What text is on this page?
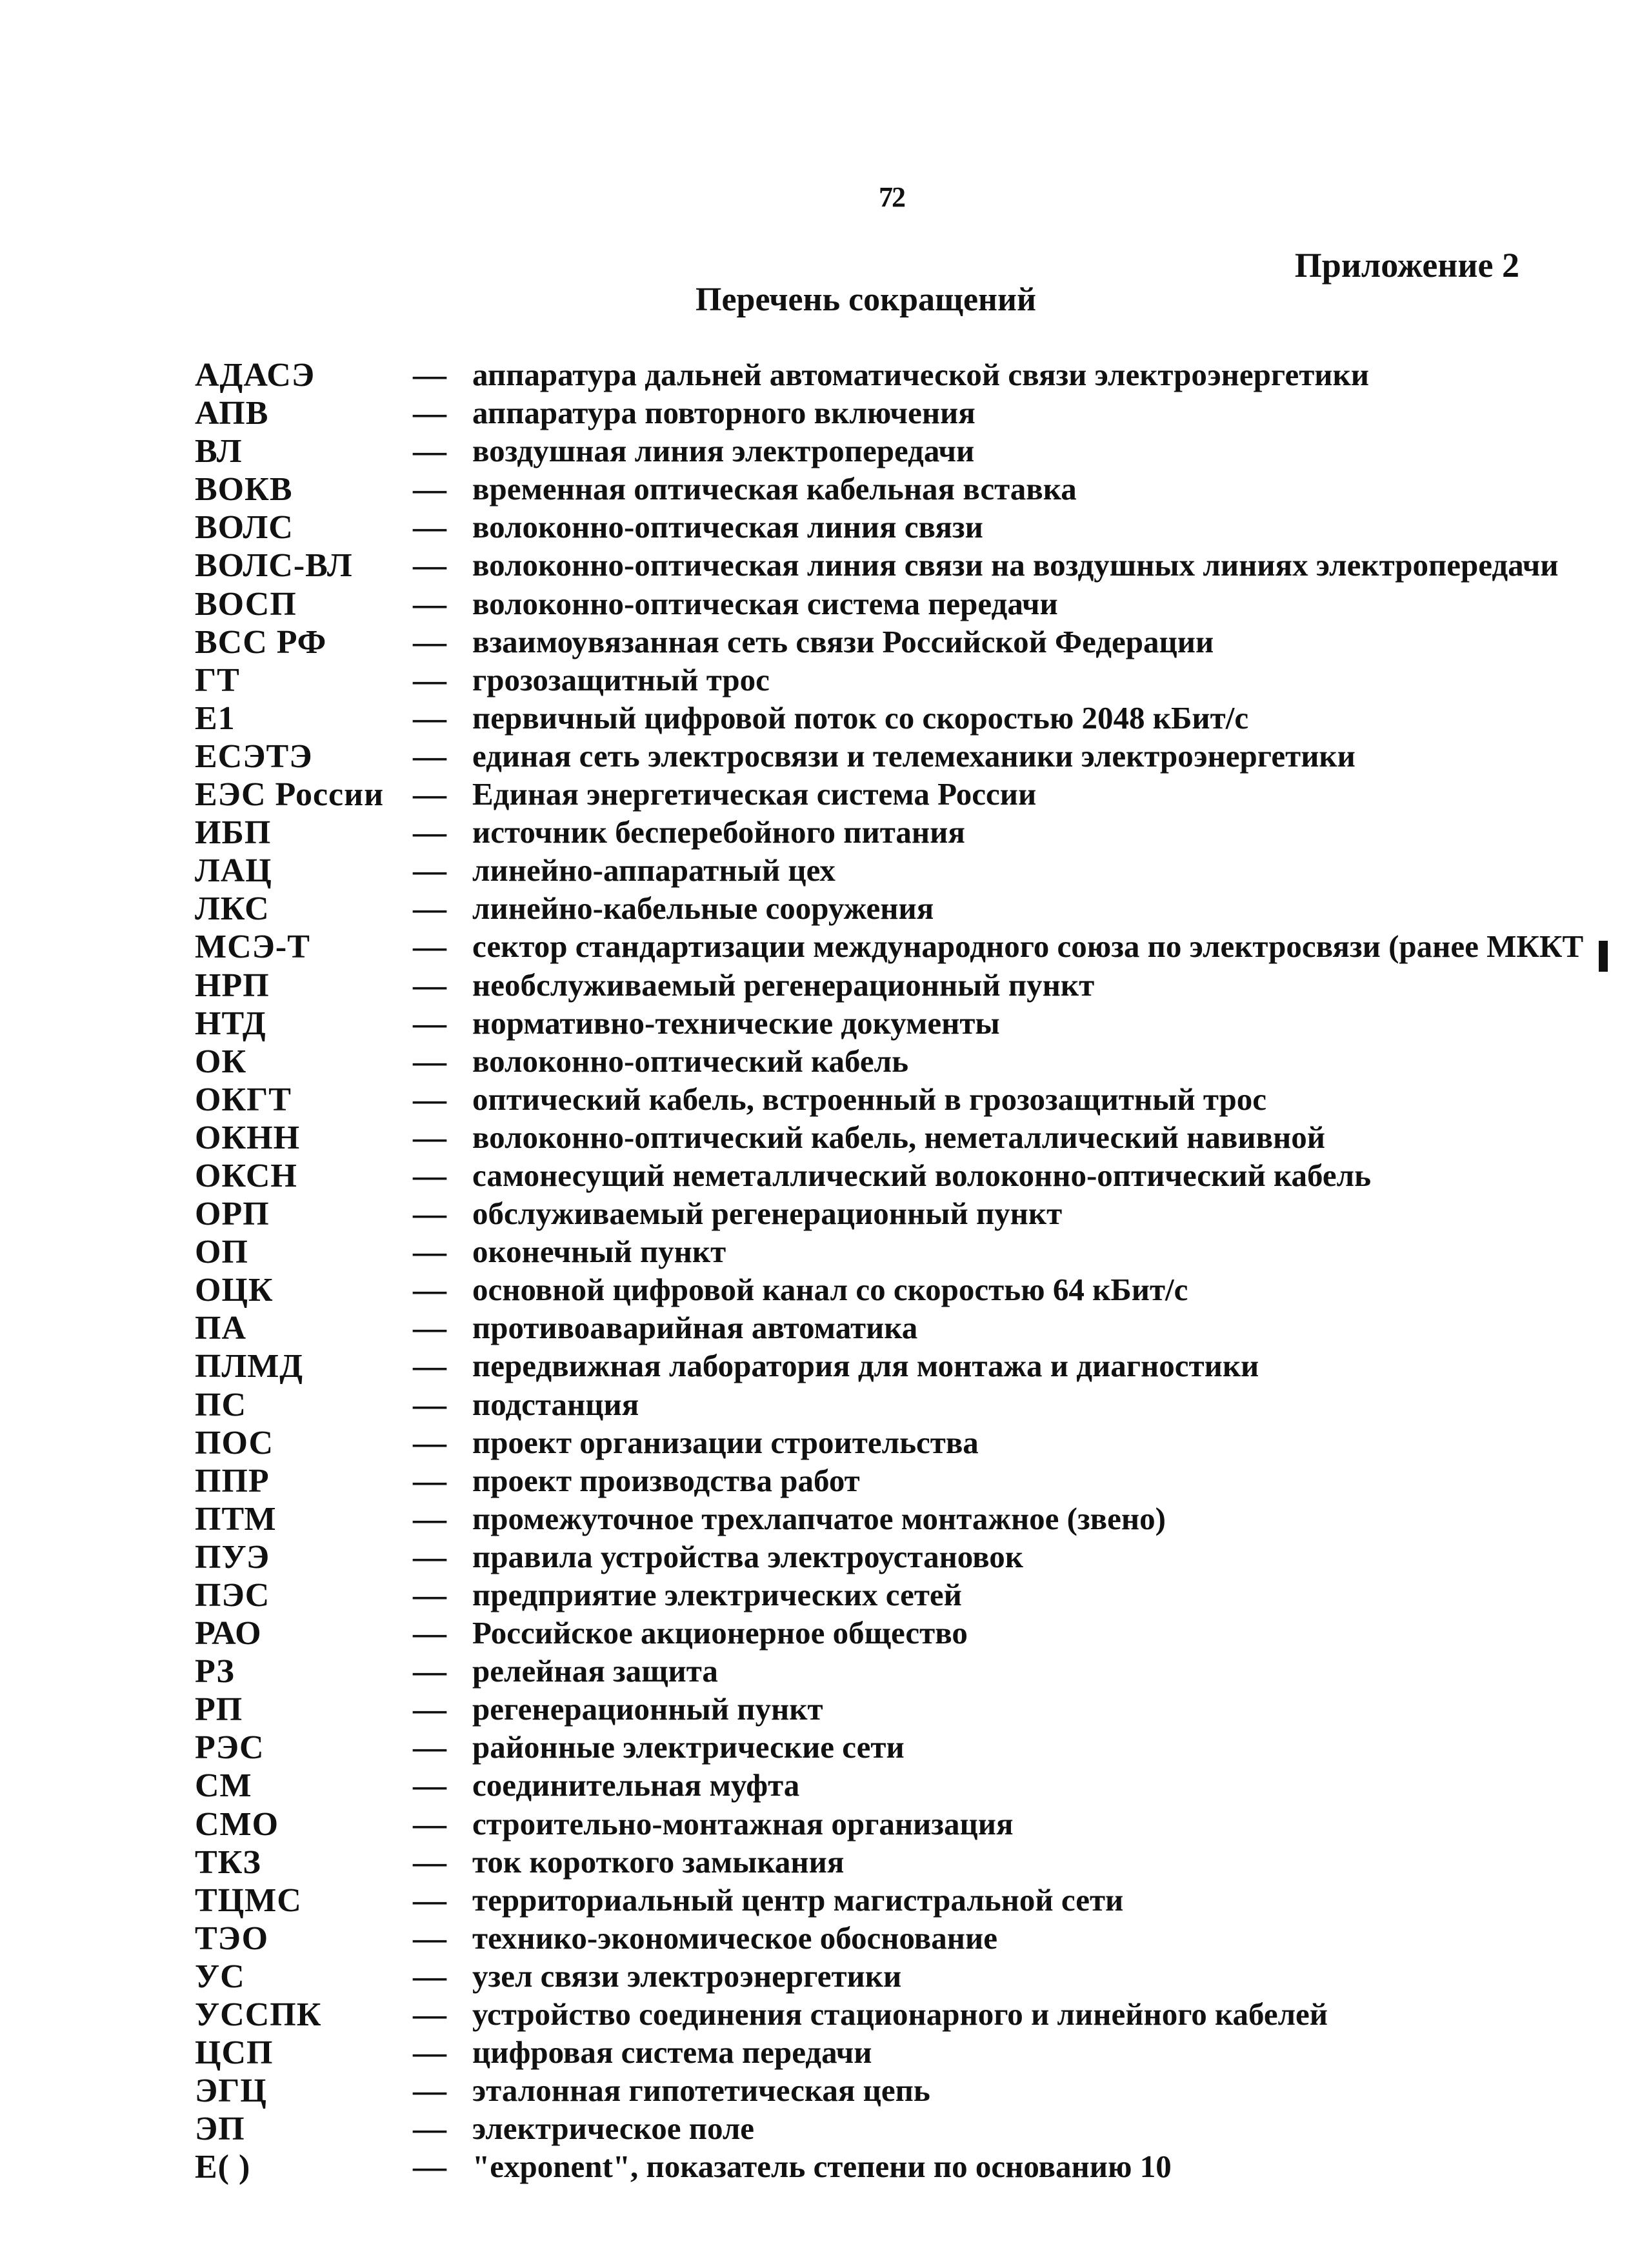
72
Приложение 2
Перечень сокращений
АДАСЭ	— аппаратура дальней автоматической связи электроэнергетики
АПВ	— аппаратура повторного включения
ВЛ	— воздушная линия электропередачи
ВОКВ	— временная оптическая кабельная вставка
ВОЛС	— волоконно-оптическая линия связи
ВОЛС-ВЛ — волоконно-оптическая линия связи на воздушных линиях электропередачи
ВОСП	— волоконно-оптическая система передачи
ВСС РФ	— взаимоувязанная сеть связи Российской Федерации
ГТ	— грозозащитный трос
Е1	— первичный цифровой поток со скоростью 2048 кБит/с
ЕСЭТЭ	— единая сеть электросвязи и телемеханики электроэнергетики
ЕЭС России — Единая энергетическая система России
ИБП	— источник бесперебойного питания
ЛАЦ	— линейно-аппаратный цех
ЛКС	— линейно-кабельные сооружения
МСЭ-Т	— сектор стандартизации международного союза по электросвязи (ранее МККТ
НРП	— необслуживаемый регенерационный пункт
НТД	— нормативно-технические документы
ОК	— волоконно-оптический кабель
ОКГТ	— оптический кабель, встроенный в грозозащитный трос
ОКНН	— волоконно-оптический кабель, неметаллический навивной
ОКСН	— самонесущий неметаллический волоконно-оптический кабель
ОРП	— обслуживаемый регенерационный пункт
ОП	— оконечный пункт
ОЦК	— основной цифровой канал со скоростью 64 кБит/с
ПА	— противоаварийная автоматика
ПЛМД	— передвижная лаборатория для монтажа и диагностики
ПС	— подстанция
ПОС	— проект организации строительства
ППР	— проект производства работ
ПТМ	— промежуточное трехлапчатое монтажное (звено)
ПУЭ	— правила устройства электроустановок
ПЭС	— предприятие электрических сетей
РАО	— Российское акционерное общество
РЗ	— релейная защита
РП	— регенерационный пункт
РЭС	— районные электрические сети
СМ	— соединительная муфта
СМО	— строительно-монтажная организация
ТКЗ	— ток короткого замыкания
ТЦМС	— территориальный центр магистральной сети
ТЭО	— технико-экономическое обоснование
УС	— узел связи электроэнергетики
УССПК	— устройство соединения стационарного и линейного кабелей
ЦСП	— цифровая система передачи
ЭГЦ	— эталонная гипотетическая цепь
ЭП	— электрическое поле
Е( )	— "exponent", показатель степени по основанию 10
